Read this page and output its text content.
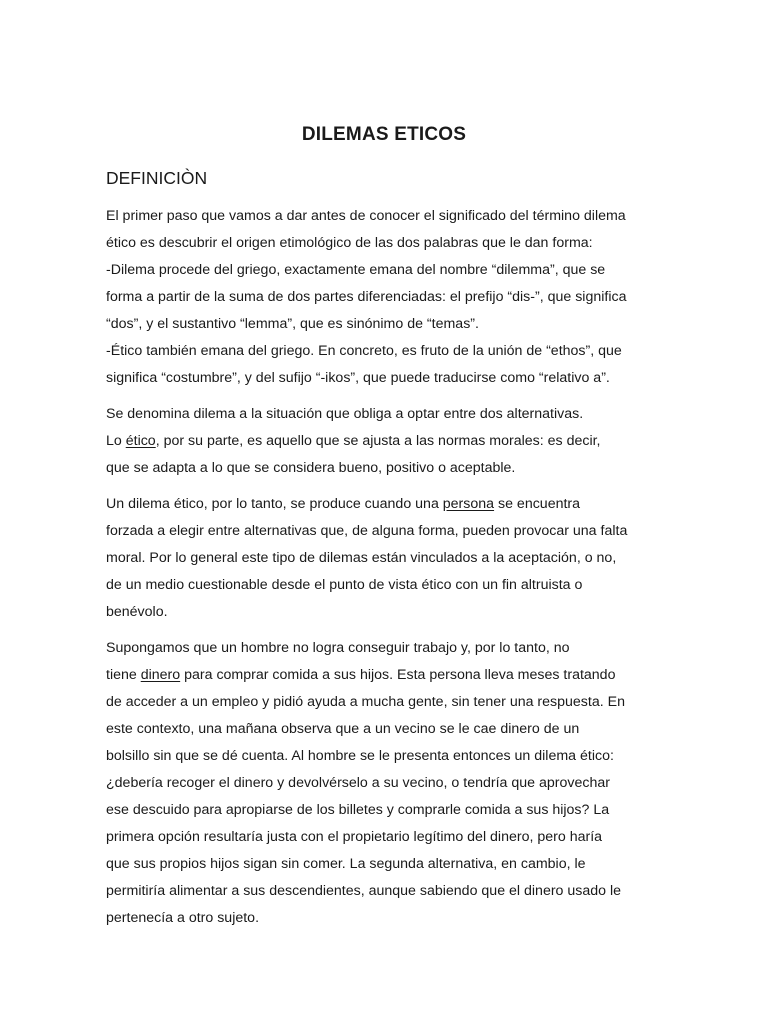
DILEMAS ETICOS
DEFINICIÒN

El primer paso que vamos a dar antes de conocer el significado del término dilema
ético es descubrir el origen etimológico de las dos palabras que le dan forma:
-Dilema procede del griego, exactamente emana del nombre “dilemma”, que se
forma a partir de la suma de dos partes diferenciadas: el prefijo “dis-”, que significa
“dos”, y el sustantivo “lemma”, que es sinónimo de “temas”.
-Ético también emana del griego. En concreto, es fruto de la unión de “ethos”, que
significa “costumbre”, y del sufijo “-ikos”, que puede traducirse como “relativo a”.

Se denomina dilema a la situación que obliga a optar entre dos alternativas.
Lo ético, por su parte, es aquello que se ajusta a las normas morales: es decir,
que se adapta a lo que se considera bueno, positivo o aceptable.

Un dilema ético, por lo tanto, se produce cuando una persona se encuentra
forzada a elegir entre alternativas que, de alguna forma, pueden provocar una falta
moral. Por lo general este tipo de dilemas están vinculados a la aceptación, o no,
de un medio cuestionable desde el punto de vista ético con un fin altruista o
benévolo.

Supongamos que un hombre no logra conseguir trabajo y, por lo tanto, no
tiene dinero para comprar comida a sus hijos. Esta persona lleva meses tratando
de acceder a un empleo y pidió ayuda a mucha gente, sin tener una respuesta. En
este contexto, una mañana observa que a un vecino se le cae dinero de un
bolsillo sin que se dé cuenta. Al hombre se le presenta entonces un dilema ético:
¿debería recoger el dinero y devolvérselo a su vecino, o tendría que aprovechar
ese descuido para apropiarse de los billetes y comprarle comida a sus hijos? La
primera opción resultaría justa con el propietario legítimo del dinero, pero haría
que sus propios hijos sigan sin comer. La segunda alternativa, en cambio, le
permitiría alimentar a sus descendientes, aunque sabiendo que el dinero usado le
pertenecía a otro sujeto.
